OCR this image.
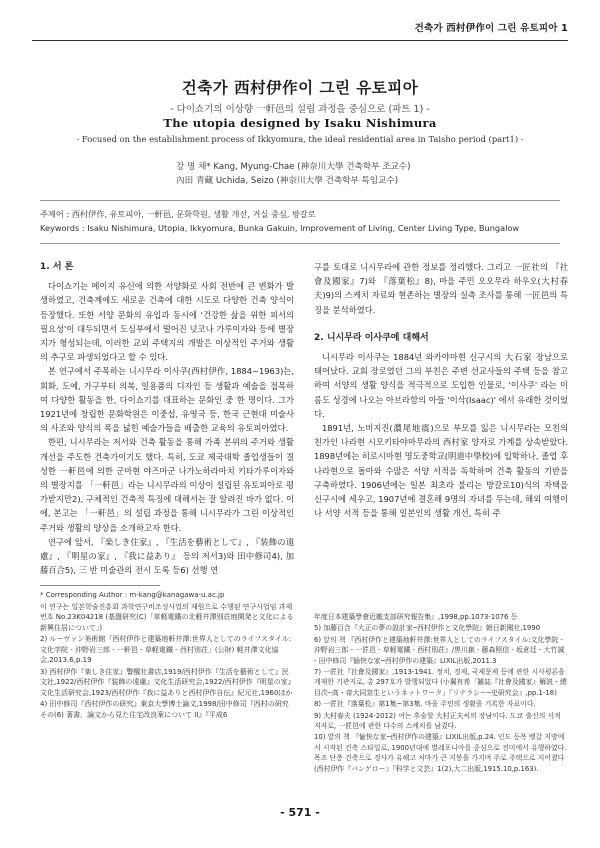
건축가 西村伊作이 그린 유토피아 1
건축가 西村伊作이 그린 유토피아
- 다이쇼기의 이상향 一軒邑의 설립 과정을 중심으로 (파트 1) -
The utopia designed by Isaku Nishimura
- Focused on the establishment process of Ikkyomura, the ideal residential area in Taisho period (part1) -
강 명 채* Kang, Myung-Chae (神奈川大學 건축학부 조교수)
內田 青藏 Uchida, Seizo (神奈川大學 건축학부 특임교수)
주제어 : 西村伊作, 유토피아, 一軒邑, 문화학원, 생활 개선, 거실 중심, 방갈로
Keywords : Isaku Nishimura, Utopia, Ikkyomura, Bunka Gakuin, Improvement of Living, Center Living Type, Bungalow
1. 서 론

다이쇼기는 메이지 유신에 의한 서양화로 사회 전반에 큰 변화가 발생하였고, 건축계에도 새로운 건축에 대한 시도로 다양한 건축 양식이 등장했다. 또한 서양 문화의 유입과 동시에 '건강한 삶을 위한 피서의 필요성'이 대두되면서 도심부에서 떨어진 넛코나 가루이자와 등에 별장지가 형성되는데, 이러한 교외 주택지의 개발은 이상적인 주거와 생활의 추구로 파생되었다고 할 수 있다.

본 연구에서 주목하는 니시무라 이사쿠(西村伊作, 1884~1963)는, 회화, 도예, 가구부터 의복, 일용품의 디자인 등 생활과 예술을 접목하여 다양한 활동을 한, 다이쇼기를 대표하는 문화인 중 한 명이다. 그가 1921년에 창립한 문화학원은 이중섭, 유영국 등, 한국 근현대 미술사의 사조와 양식의 폭을 넓힌 예술가들을 배출한 교육의 유토피아였다.

한편, 니시무라는 저서와 건축 활동을 통해 가족 본위의 주거와 생활 개선을 주도한 건축가이기도 했다. 특히, 도쿄 제국대학 졸업생들이 결성한 一軒邑에 의한 군마현 야즈마군 나가노하라마치 키타가루이자와의 별장지를 「一軒邑」라는 니시무라의 이상이 설립된 유토피아로 평가받지만2), 구체적인 건축적 특징에 대해서는 잘 알려진 바가 없다. 이에, 본고는 「一軒邑」의 설립 과정을 통해 니시무라가 그린 이상적인 주거와 생활의 양상을 소개하고자 한다.

연구에 앞서, 『楽しき住家』, 『生活を藝術として』, 『装飾の遠慮』, 『明星の家』, 『我に益あり』 등의 저서3)와 田中修司4), 加藤百合5), 三 반 미술관의 전시 도록 등6) 선행 연

* Corresponding Author : m-kang@kanagawa-u.ac.jp
이 연구는 일본학술진흥회 과학연구비조성사업의 재원으로 수행된 연구사업임 과제번호 No.23K04218 (基盤研究(C)「草軽電鐵の北軽井澤別荘地開発と文化による新興住居について」)
2) ルーヴァン美術館「西村伊作と建築地軒井澤:世界人としてのライフスタイル:文化学院 - 沖野岩三郎 - 一軒邑 - 草軽電鐵 - 西村別荘」(公財) 軽井澤文化協会,2013.6,p.19
3) 西村伊作『楽しき住家』警醒社書店,1919/西村伊作『生活を藝術として』民文社,1922/西村伊作『装飾の遠慮』文化生活研究会,1922/西村伊作『明星の家』文化生活研究会,1923/西村伊作『我に益ありと西村伊作自伝』紀元社,1960ほか
4) 田中修司『西村伊作の研究』東京大學博士論文,1998/田中修司『西村の研究その(6) 著書、論文から見た住宅改良案について II』『平成6

구를 토대로 니시무라에 관한 정보를 정리했다. 그리고 一匠社의 『社會及國家』7)와 『落葉松』8), 마을 주민 오오무라 하우오(大村春夫)9)의 스케치 자료와 현존하는 별장의 실측 조사를 통해 一匠邑의 특징을 분석하였다.

2. 니시무라 이사쿠에 대해서

니시무라 이사쿠는 1884년 와카야마현 신구시의 大石家 장남으로 태어났다. 교회 장로였던 그의 부친은 주변 선교사들의 주택 등을 참고하여 서양의 생활 양식을 적극적으로 도입한 인물로, '이사쿠' 라는 이름도 성경에 나오는 아브라함의 아들 '이삭(Isaac)' 에서 유래한 것이었다.

1891년, 노비지진(濃尾地震)으로 부모를 잃은 니시무라는 모친의 친가인 나라현 시모키타야마무라의 西村家 양자로 가계를 상속받았다. 1898년에는 히로시마현 명도중학교(明道中學校)에 입학하나, 졸업 후 나라현으로 돌아와 수많은 서양 서적을 독학하며 건축 활동의 기반을 구축하였다. 1906년에는 일본 최초라 불리는 방갈로10)식의 자택을 신구시에 세우고, 1907년에 결혼해 9명의 자녀를 두는데, 해외 여행이나 서양 서적 등을 통해 일본인의 생활 개선, 특히 주

年度日本建築學會近畿支部研究報告集』,1998,pp.1073-1076 등
5) 加藤百合『大正の夢の設計家─西村伊作と文化學院』朝日新聞社,1990
6) 앞의 책 『西村伊作と建築地軒井澤:世界人としてのライフスタイル:文化學院 - 沖野岩三郎 - 一匠邑 - 草軽電鐵 - 西村別荘』/黒川創 - 藤森照信 - 坂倉廷 - 大竹誠 - 田中修司『愉快な家─西村伊作の建築』LIXIL出版,2011.3
7) 一匠社『社會及國家』,1913-1941. 정치, 경제, 국제문제 등에 관한 시사평론을 게재한 기관지로, 총 297호가 발행되었다 (小翼有希「雑誌『社會及國家』解説・總目次─高・帝大同窓生というネットワーク」『リテラシー─史研究会』,pp.1-18)
8) 一匠社『落葉松』第1集~第3集. 마을 주민의 생활을 기록한 자료이다.
9) 大村春夫 (1924-2012) 여는 후술할 大村正夫씨의 장남이다. 도쿄 출신의 서적 저자로, 一匠邑에 관한 다수의 스케치를 남겼다.
10) 앞의 책 『愉快な家─西村伊作の建築』LIXIL出版,p.24. 인도 등폭 벵갈 지방에서 시작된 건축 스타일로, 1900년대에 별레포니아를 중심으로 전미에서 유행하였다. 목조 단층 건축으로 경사가 유해고 처마가 큰 지붕을 가지며 주로 주택으로 지어졌다 (西村伊作『バンゲロー』『科学と文芸』1(2),大二出版,1915.10,p.163).
- 571 -
